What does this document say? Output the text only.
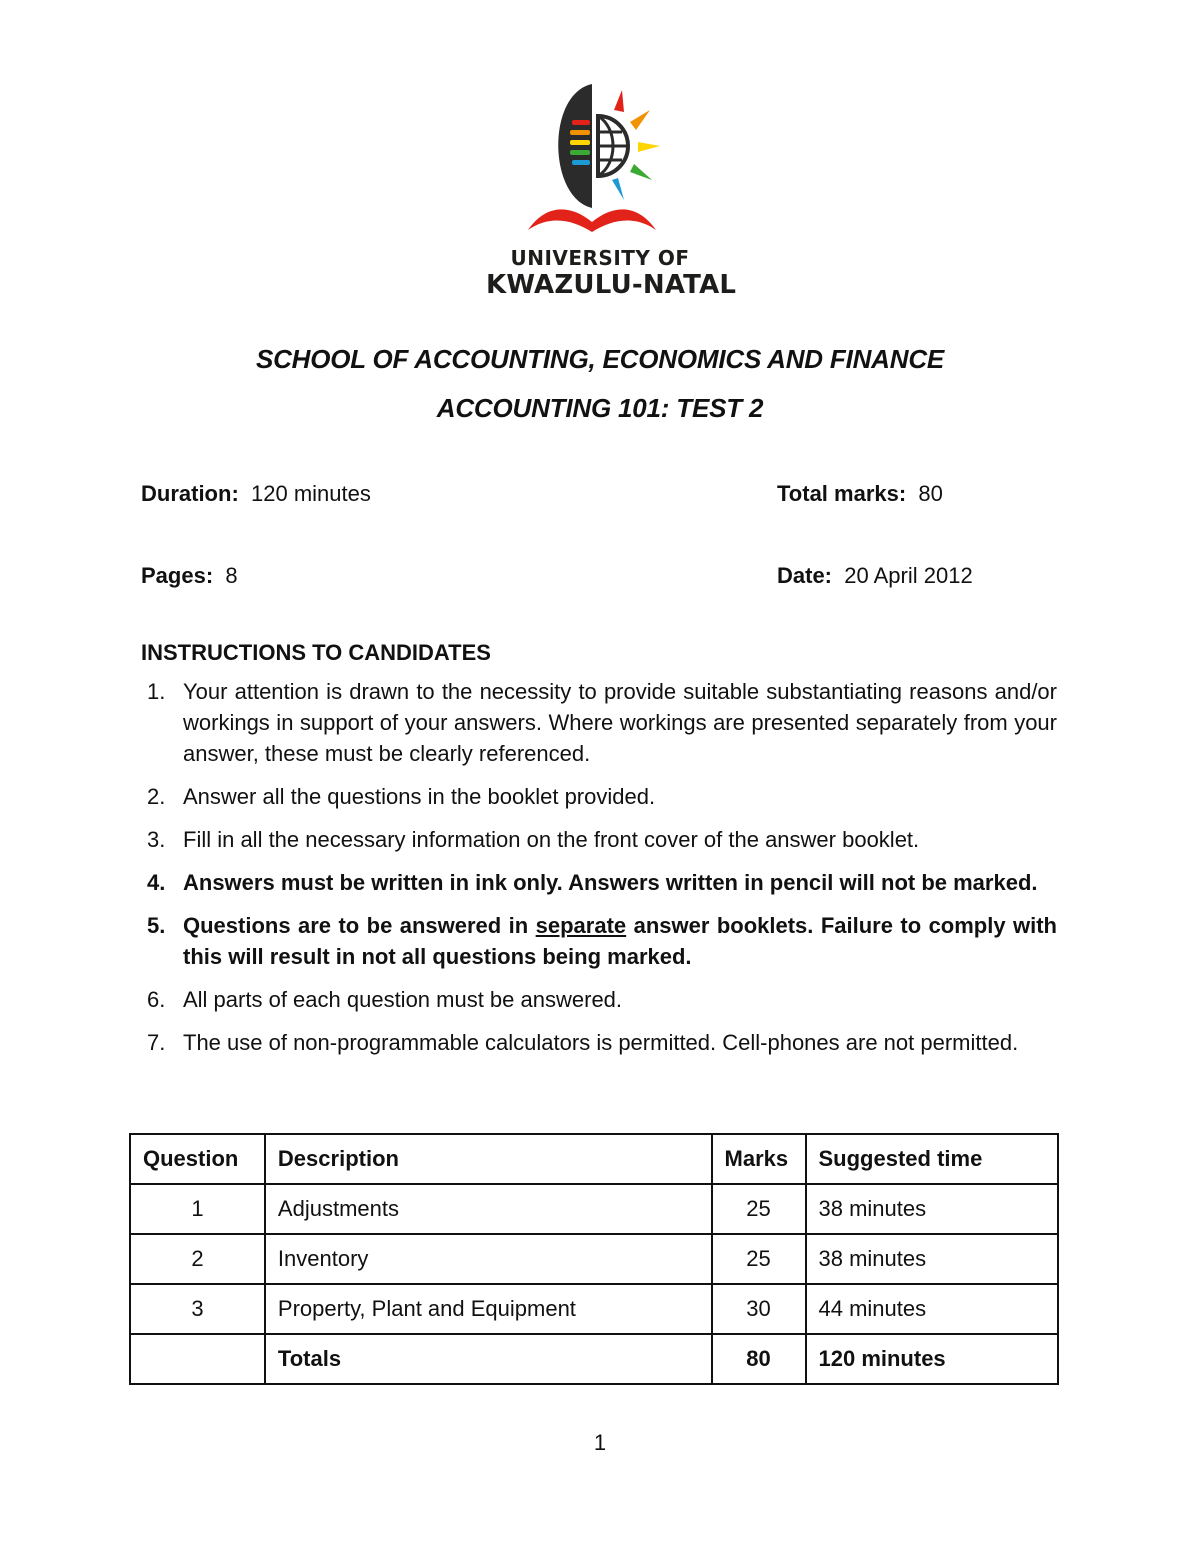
UNIVERSITY OF
KWAZULU-NATAL
SCHOOL OF ACCOUNTING, ECONOMICS AND FINANCE
ACCOUNTING 101: TEST 2
Duration: 120 minutes	Total marks: 80
Pages: 8	Date: 20 April 2012
INSTRUCTIONS TO CANDIDATES
1. Your attention is drawn to the necessity to provide suitable substantiating reasons and/or workings in support of your answers. Where workings are presented separately from your answer, these must be clearly referenced.
2. Answer all the questions in the booklet provided.
3. Fill in all the necessary information on the front cover of the answer booklet.
4. Answers must be written in ink only. Answers written in pencil will not be marked.
5. Questions are to be answered in separate answer booklets. Failure to comply with this will result in not all questions being marked.
6. All parts of each question must be answered.
7. The use of non-programmable calculators is permitted. Cell-phones are not permitted.
Question	Description	Marks	Suggested time
1	Adjustments	25	38 minutes
2	Inventory	25	38 minutes
3	Property, Plant and Equipment	30	44 minutes
	Totals	80	120 minutes
1
